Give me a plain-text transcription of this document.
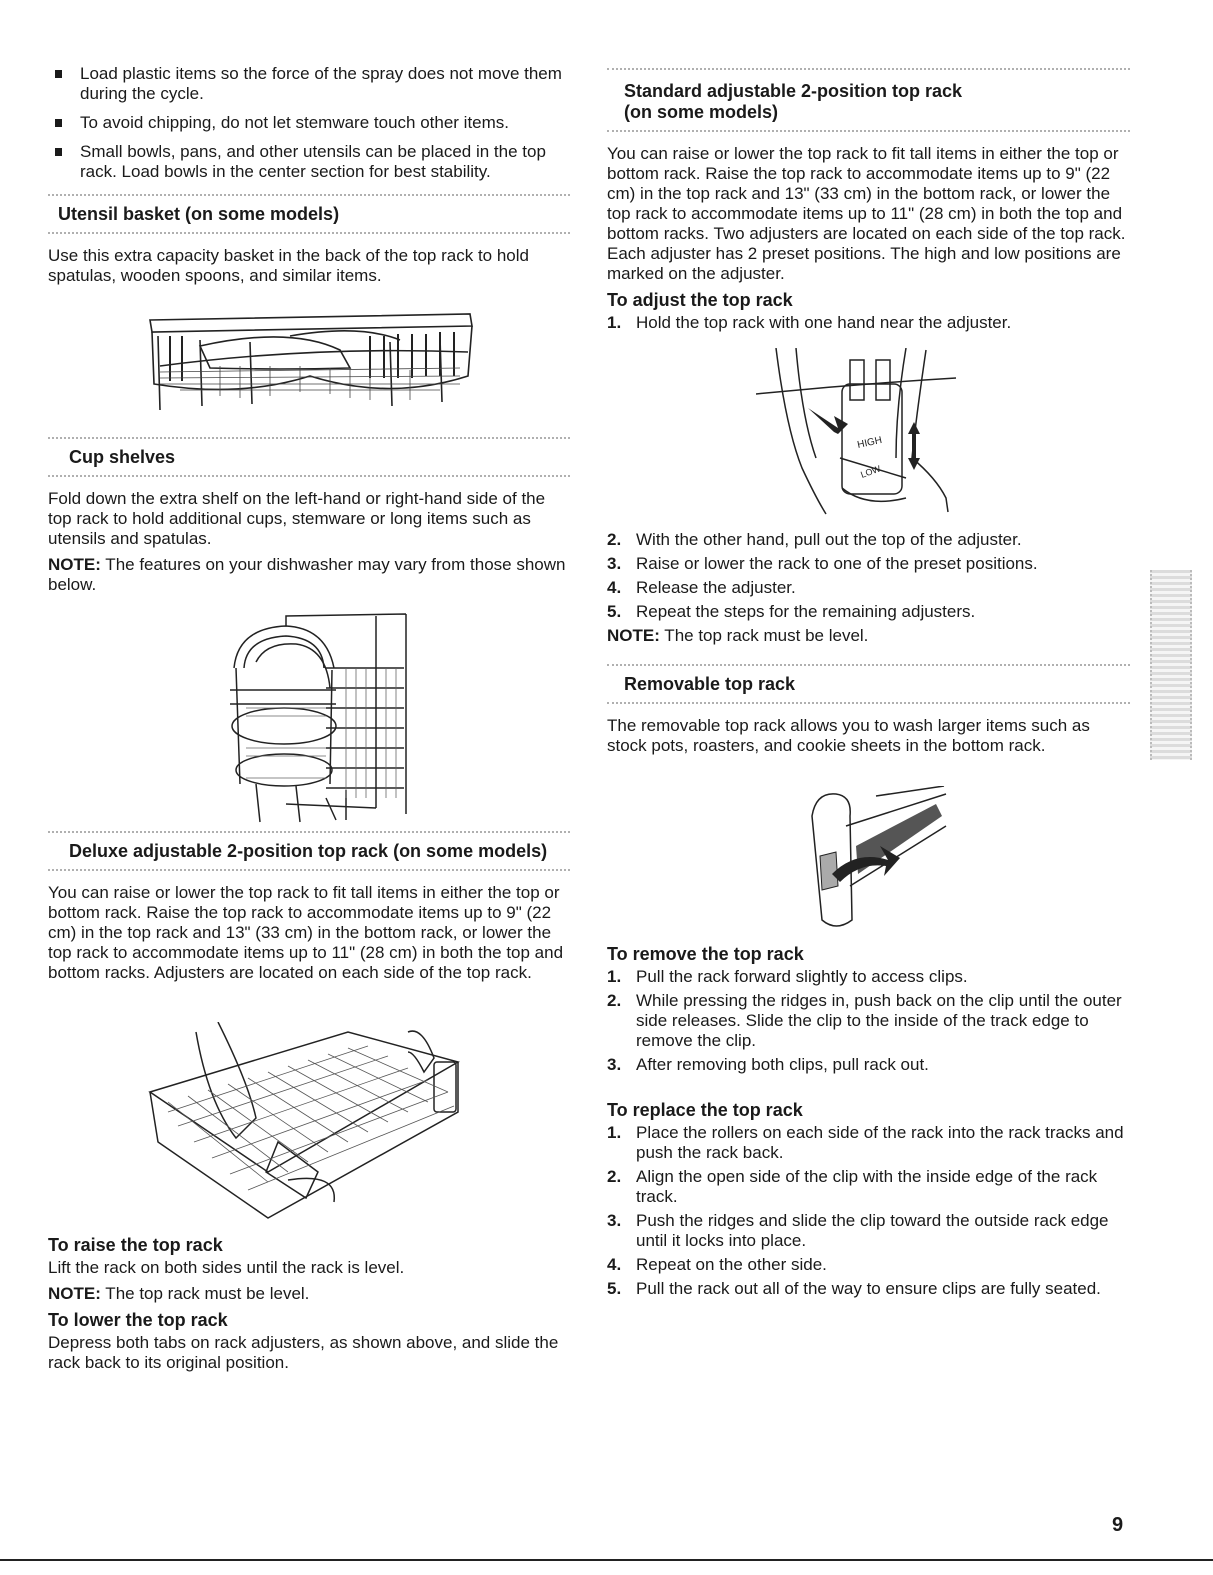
Load plastic items so the force of the spray does not move them during the cycle.
To avoid chipping, do not let stemware touch other items.
Small bowls, pans, and other utensils can be placed in the top rack. Load bowls in the center section for best stability.
Utensil basket (on some models)

Use this extra capacity basket in the back of the top rack to hold spatulas, wooden spoons, and similar items.

Cup shelves

Fold down the extra shelf on the left-hand or right-hand side of the top rack to hold additional cups, stemware or long items such as utensils and spatulas.

NOTE: The features on your dishwasher may vary from those shown below.

Deluxe adjustable 2-position top rack (on some models)

You can raise or lower the top rack to fit tall items in either the top or bottom rack. Raise the top rack to accommodate items up to 9" (22 cm) in the top rack and 13" (33 cm) in the bottom rack, or lower the top rack to accommodate items up to 11" (28 cm) in both the top and bottom racks. Adjusters are located on each side of the top rack.

To raise the top rack

Lift the rack on both sides until the rack is level.

NOTE: The top rack must be level.

To lower the top rack

Depress both tabs on rack adjusters, as shown above, and slide the rack back to its original position.

Standard adjustable 2-position top rack
(on some models)

You can raise or lower the top rack to fit tall items in either the top or bottom rack. Raise the top rack to accommodate items up to 9" (22 cm) in the top rack and 13" (33 cm) in the bottom rack, or lower the top rack to accommodate items up to 11" (28 cm) in both the top and bottom racks. Two adjusters are located on each side of the top rack. Each adjuster has 2 preset positions. The high and low positions are marked on the adjuster.

To adjust the top rack

1. Hold the top rack with one hand near the adjuster.
HIGH
LOW
2. With the other hand, pull out the top of the adjuster.
3. Raise or lower the rack to one of the preset positions.
4. Release the adjuster.
5. Repeat the steps for the remaining adjusters.

NOTE: The top rack must be level.

Removable top rack

The removable top rack allows you to wash larger items such as stock pots, roasters, and cookie sheets in the bottom rack.

To remove the top rack

1. Pull the rack forward slightly to access clips.
2. While pressing the ridges in, push back on the clip until the outer side releases. Slide the clip to the inside of the track edge to remove the clip.
3. After removing both clips, pull rack out.

To replace the top rack

1. Place the rollers on each side of the rack into the rack tracks and push the rack back.
2. Align the open side of the clip with the inside edge of the rack track.
3. Push the ridges and slide the clip toward the outside rack edge until it locks into place.
4. Repeat on the other side.
5. Pull the rack out all of the way to ensure clips are fully seated.
9
